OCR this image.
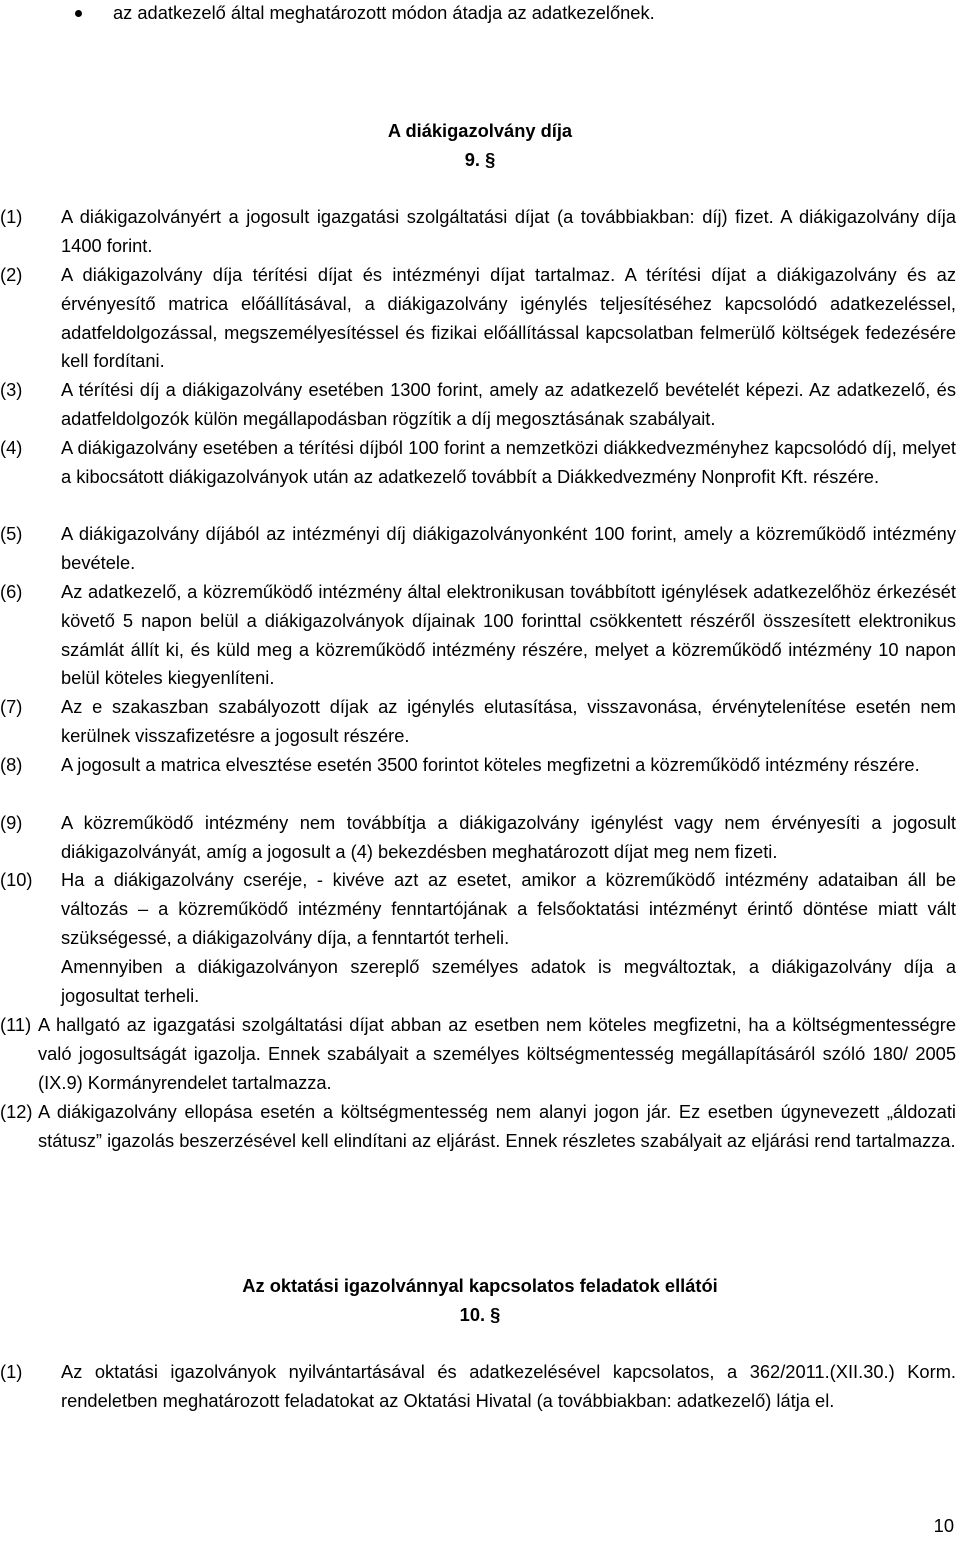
az adatkezelő által meghatározott módon átadja az adatkezelőnek.
A diákigazolvány díja
9. §
(1) A diákigazolványért a jogosult igazgatási szolgáltatási díjat (a továbbiakban: díj) fizet. A diákigazolvány díja 1400 forint.
(2) A diákigazolvány díja térítési díjat és intézményi díjat tartalmaz. A térítési díjat a diákigazolvány és az érvényesítő matrica előállításával, a diákigazolvány igénylés teljesítéséhez kapcsolódó adatkezeléssel, adatfeldolgozással, megszemélyesítéssel és fizikai előállítással kapcsolatban felmerülő költségek fedezésére kell fordítani.
(3) A térítési díj a diákigazolvány esetében 1300 forint, amely az adatkezelő bevételét képezi. Az adatkezelő, és adatfeldolgozók külön megállapodásban rögzítik a díj megosztásának szabályait.
(4) A diákigazolvány esetében a térítési díjból 100 forint a nemzetközi diákkedvezményhez kapcsolódó díj, melyet a kibocsátott diákigazolványok után az adatkezelő továbbít a Diákkedvezmény Nonprofit Kft. részére.
(5) A diákigazolvány díjából az intézményi díj diákigazolványonként 100 forint, amely a közreműködő intézmény bevétele.
(6) Az adatkezelő, a közreműködő intézmény által elektronikusan továbbított igénylések adatkezelőhöz érkezését követő 5 napon belül a diákigazolványok díjainak 100 forinttal csökkentett részéről összesített elektronikus számlát állít ki, és küld meg a közreműködő intézmény részére, melyet a közreműködő intézmény 10 napon belül köteles kiegyenlíteni.
(7) Az e szakaszban szabályozott díjak az igénylés elutasítása, visszavonása, érvénytelenítése esetén nem kerülnek visszafizetésre a jogosult részére.
(8) A jogosult a matrica elvesztése esetén 3500 forintot köteles megfizetni a közreműködő intézmény részére.
(9) A közreműködő intézmény nem továbbítja a diákigazolvány igénylést vagy nem érvényesíti a jogosult diákigazolványát, amíg a jogosult a (4) bekezdésben meghatározott díjat meg nem fizeti.
(10) Ha a diákigazolvány cseréje, - kivéve azt az esetet, amikor a közreműködő intézmény adataiban áll be változás – a közreműködő intézmény fenntartójának a felsőoktatási intézményt érintő döntése miatt vált szükségessé, a diákigazolvány díja, a fenntartót terheli.
Amennyiben a diákigazolványon szereplő személyes adatok is megváltoztak, a diákigazolvány díja a jogosultat terheli.
(11) A hallgató az igazgatási szolgáltatási díjat abban az esetben nem köteles megfizetni, ha a költségmentességre való jogosultságát igazolja. Ennek szabályait a személyes költségmentesség megállapításáról szóló 180/ 2005 (IX.9) Kormányrendelet tartalmazza.
(12) A diákigazolvány ellopása esetén a költségmentesség nem alanyi jogon jár. Ez esetben úgynevezett „áldozati státusz” igazolás beszerzésével kell elindítani az eljárást. Ennek részletes szabályait az eljárási rend tartalmazza.
Az oktatási igazolvánnyal kapcsolatos feladatok ellátói
10. §
(1) Az oktatási igazolványok nyilvántartásával és adatkezelésével kapcsolatos, a 362/2011.(XII.30.) Korm. rendeletben meghatározott feladatokat az Oktatási Hivatal (a továbbiakban: adatkezelő) látja el.
10
